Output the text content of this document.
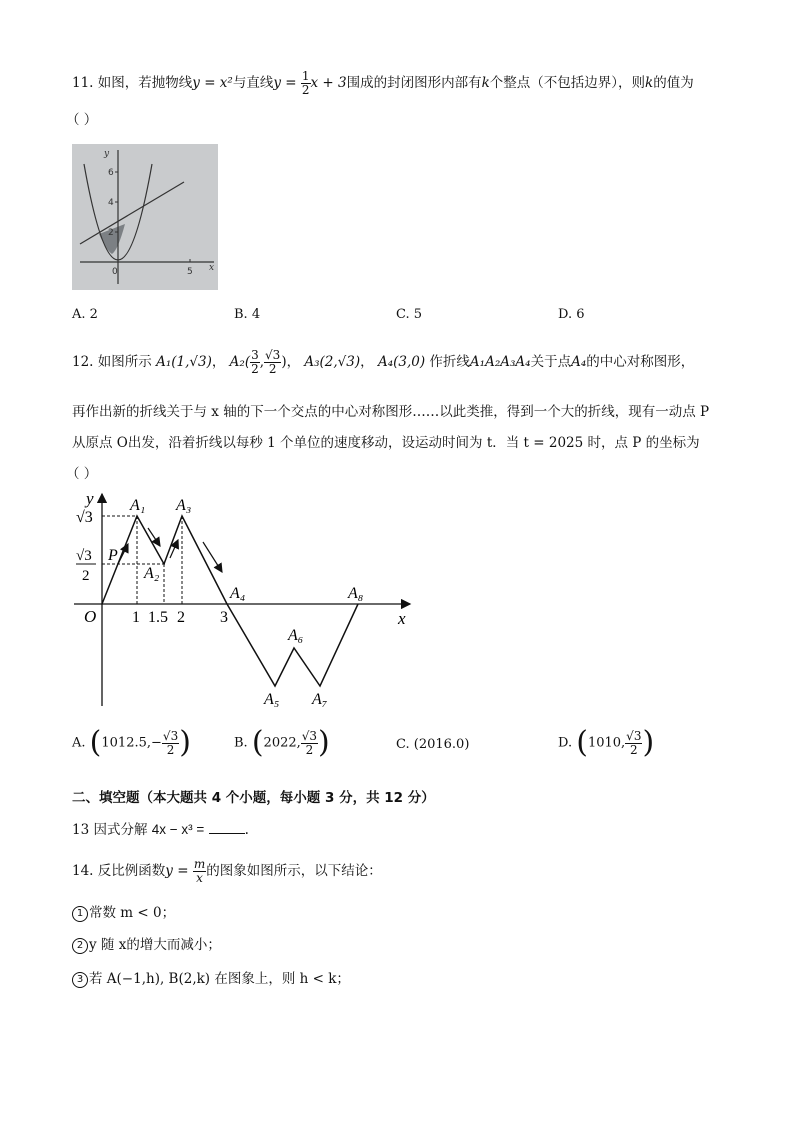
11. 如图，若抛物线y = x²与直线$y = \frac{1}{2}$ x + 3围成的封闭图形内部有k个整点（不包括边界），则k的值为
（ ）
y
6
4
2
0	5 x
A. 2	B. 4	C. 5	D. 6
12. 如图所示 A₁(1,√3)， $A_2( \frac{3}{2}$ , $\frac{√3}{2}$ )， A₃(2,√3)， A₄(3,0) 作折线A₁A₂A₃A₄关于点A₄的中心对称图形，
再作出新的折线关于与 x 轴的下一个交点的中心对称图形……以此类推，得到一个大的折线，现有一动点 P
从原点 O出发，沿着折线以每秒 1 个单位的速度移动，设运动时间为 t．当 t = 2025 时，点 P 的坐标为
（ ）
y
x
O
√3
√3
2
P
A₁
A₂
A₃
A₄
A₅
A₆
A₇
A₈
1 1.5 2 3
A. ($1012.5,- \frac{√3}{2}$ )	B. (2022, $\frac{√3}{2}$ )	C. (2016.0)	D. (1010, $\frac{√3}{2}$ )
二、填空题（本大题共 4 个小题，每小题 3 分，共 12 分）
13 因式分解 4x − x³ =	.
14. 反比例函数$y = \frac{m}{x}$ 的图象如图所示，以下结论：
1 常数 m < 0；
2 y 随 x的增大而减小；
3 若 A(−1,h), B(2,k) 在图象上，则 h < k；
